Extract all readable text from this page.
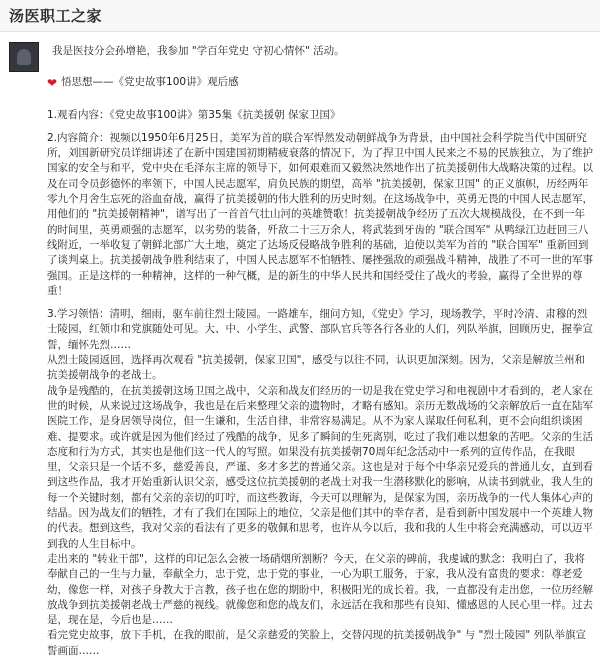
汤医职工之家

我是医技分会孙增艳，我参加 "学百年党史 守初心情怀" 活动。

❤ 悟思想——《党史故事100讲》观后感

1.观看内容：《党史故事100讲》第35集《抗美援朝 保家卫国》

2.内容简介：视频以1950年6月25日，美军为首的联合军悍然发动朝鲜战争为背景，由中国社会科学院当代中国研究所，刘国新研究员详细讲述了在新中国建国初期精疲衰落的情况下，为了捍卫中国人民来之不易的民族独立，为了维护国家的安全与和平，党中央在毛泽东主席的领导下，如何艰难而又毅然决然地作出了抗美援朝伟大战略决策的过程。以及在司令员彭德怀的率领下，中国人民志愿军，肩负民族的期望，高举 "抗美援朝，保家卫国" 的正义旗帜，历经两年零九个月舍生忘死的浴血奋战，赢得了抗美援朝的伟大胜利的历史时刻。在这场战争中，英勇无畏的中国人民志愿军，用他们的 "抗美援朝精神"，谱写出了一首首气壮山河的英雄赞歌！抗美援朝战争经历了五次大规模战役，在不到一年的时间里，英勇顽强的志愿军，以劣势的装备，歼敌二十三万余人，将武装到牙齿的 "联合国军" 从鸭绿江边赶回三八线附近，一举收复了朝鲜北部广大土地，奠定了达场反侵略战争胜利的基础，迫使以美军为首的 "联合国军" 重新回到了谈判桌上。抗美援朝战争胜利结束了，中国人民志愿军不怕牺牲、屡挫强敌的顽强战斗精神，战胜了不可一世的军事强国。正是这样的一种精神，这样的一种气概，是的新生的中华人民共和国经受住了战火的考验，赢得了全世界的尊重！

3.学习领悟：清明，细雨，驱车前往烈士陵园。一路雄车，细问方知，《党史》学习，现场教学，平时冷清、肃穆的烈士陵园，红领巾和党旗随处可见。大、中、小学生、武警、部队官兵等各行各业的人们，列队举旗，回顾历史，握拳宣誓，缅怀先烈……

从烈士陵园返回，选择再次观看 "抗美援朝，保家卫国"，感受与以往不同，认识更加深刻。因为，父亲是解放兰州和抗美援朝战争的老战士。

战争是残酷的，在抗美援朝这场卫国之战中，父亲和战友们经历的一切是我在党史学习和电视剧中才看到的，老人家在世的时候，从来说过这场战争，我也是在后来整理父亲的遗物时，才略有感知。亲历无数战场的父亲解放后一直在陆军医院工作，是身居领导岗位，但一生谦和，生活自律，非常容易满足。从不为家人谋取任何私利，更不会向组织谈困难、提要求。或许就是因为他们经过了残酷的战争，见多了瞬间的生死离别，吃过了我们难以想象的苦吧。父亲的生活态度和行为方式，其实也是他们这一代人的写照。如果没有抗美援朝70周年纪念活动中一系列的宣传作品，在我眼里，父亲只是一个话不多，慈爱善良，严谨、多才多艺的普通父亲。这也是对于每个中华亲兄爱兵的普通儿女，直到看到这些作品，我才开始重新认识父亲，感受这位抗美援朝的老战士对我一生潜移默化的影响，从读书到就业，我人生的每一个关键时刻，都有父亲的亲切的叮咛，而这些教诲，今天可以理解为，是保家为国，亲历战争的一代人集体心声的结晶。因为战友们的牺牲，才有了我们在国际上的地位，父亲是他们其中的幸存者，是看到新中国发展中一个英雄人物的代表。想到这些，我对父亲的看法有了更多的敬佩和思考，也许从今以后，我和我的人生中将会充满感动，可以迈平到我的人生目标中。

走出来的 "转业干部"，这样的印记怎么会被一场硝烟所割断？今天，在父亲的碑前，我虔诚的默念：我明白了，我将奉献自己的一生与力量，奉献全力，忠于党，忠于党的事业，一心为职工服务，于家，我从没有富贵的要求：尊老爱幼，像您一样，对孩子身教大于言教，孩子也在您的期盼中，积极阳光的成长着。我，一直都没有走出您，一位历经解放战争到抗美援朝老战士严慈的视线。就像您和您的战友们，永远活在我和那些有良知、懂感恩的人民心里一样。过去是，现在是，今后也是……

看完党史故事，放下手机，在我的眼前，是父亲慈爱的笑脸上，交替闪现的抗美援朝战争" 与 "烈士陵园" 列队举旗宣誓画面……
